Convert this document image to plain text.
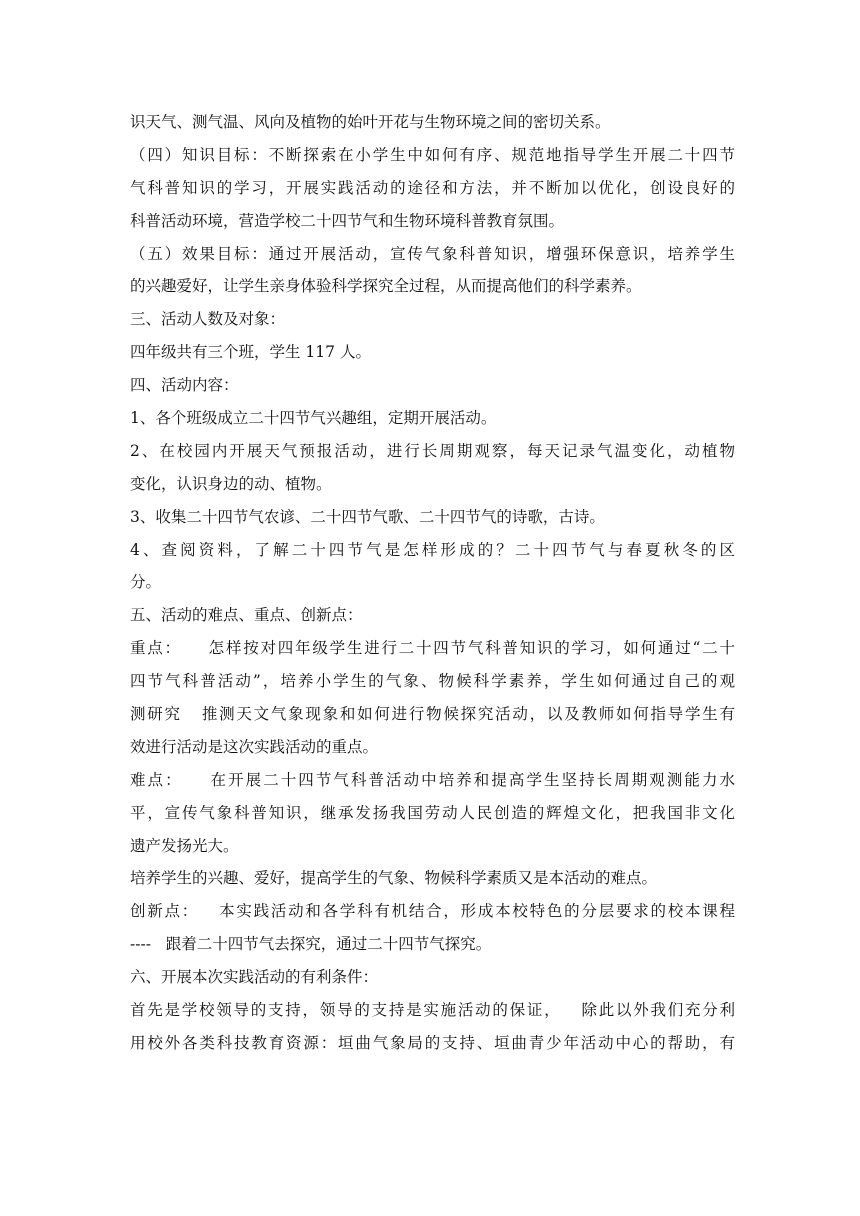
识天气、测气温、风向及植物的始叶开花与生物环境之间的密切关系。
（四）知识目标：不断探索在小学生中如何有序、规范地指导学生开展二十四节
气科普知识的学习，开展实践活动的途径和方法，并不断加以优化，创设良好的
科普活动环境，营造学校二十四节气和生物环境科普教育氛围。
（五）效果目标：通过开展活动，宣传气象科普知识，增强环保意识，培养学生
的兴趣爱好，让学生亲身体验科学探究全过程，从而提高他们的科学素养。
三、活动人数及对象：
四年级共有三个班，学生 117 人。
四、活动内容：
1、各个班级成立二十四节气兴趣组，定期开展活动。
2、在校园内开展天气预报活动，进行长周期观察，每天记录气温变化，动植物
变化，认识身边的动、植物。
3、收集二十四节气农谚、二十四节气歌、二十四节气的诗歌，古诗。
4、查阅资料，了解二十四节气是怎样形成的？二十四节气与春夏秋冬的区
分。
五、活动的难点、重点、创新点：
重点：    怎样按对四年级学生进行二十四节气科普知识的学习，如何通过“二十
四节气科普活动”，培养小学生的气象、物候科学素养，学生如何通过自己的观
测研究   推测天文气象现象和如何进行物候探究活动，以及教师如何指导学生有
效进行活动是这次实践活动的重点。
难点：    在开展二十四节气科普活动中培养和提高学生坚持长周期观测能力水
平，宣传气象科普知识，继承发扬我国劳动人民创造的辉煌文化，把我国非文化
遗产发扬光大。
培养学生的兴趣、爱好，提高学生的气象、物候科学素质又是本活动的难点。
创新点：   本实践活动和各学科有机结合，形成本校特色的分层要求的校本课程
----   跟着二十四节气去探究，通过二十四节气探究。
六、开展本次实践活动的有利条件：
首先是学校领导的支持，领导的支持是实施活动的保证，   除此以外我们充分利
用校外各类科技教育资源：垣曲气象局的支持、垣曲青少年活动中心的帮助，有
